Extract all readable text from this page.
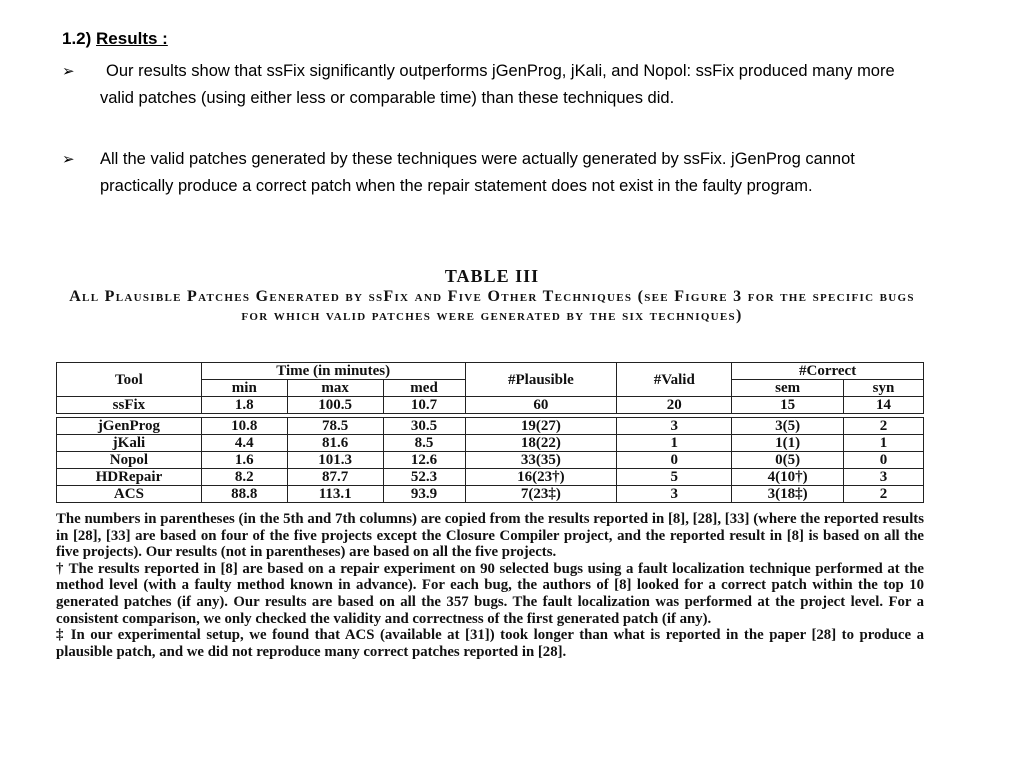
1.2) Results :
➢	Our results show that ssFix significantly outperforms jGenProg, jKali, and Nopol: ssFix produced many more valid patches (using either less or comparable time) than these techniques did.
➢	All the valid patches generated by these techniques were actually generated by ssFix. jGenProg cannot practically produce a correct patch when the repair statement does not exist in the faulty program.
TABLE III
All Plausible Patches Generated by ssFix and Five Other Techniques (see Figure 3 for the specific bugs for which valid patches were generated by the six techniques)
Tool	Time (in minutes)			#Plausible	#Valid	#Correct	
	min	max	med			sem	syn
ssFix	1.8	100.5	10.7	60	20	15	14

jGenProg	10.8	78.5	30.5	19(27)	3	3(5)	2
jKali	4.4	81.6	8.5	18(22)	1	1(1)	1
Nopol	1.6	101.3	12.6	33(35)	0	0(5)	0
HDRepair	8.2	87.7	52.3	16(23†)	5	4(10†)	3
ACS	88.8	113.1	93.9	7(23‡)	3	3(18‡)	2

The numbers in parentheses (in the 5th and 7th columns) are copied from the results reported in [8], [28], [33] (where the reported results in [28], [33] are based on four of the five projects except the Closure Compiler project, and the reported result in [8] is based on all the five projects). Our results (not in parentheses) are based on all the five projects.

† The results reported in [8] are based on a repair experiment on 90 selected bugs using a fault localization technique performed at the method level (with a faulty method known in advance). For each bug, the authors of [8] looked for a correct patch within the top 10 generated patches (if any). Our results are based on all the 357 bugs. The fault localization was performed at the project level. For a consistent comparison, we only checked the validity and correctness of the first generated patch (if any).

‡ In our experimental setup, we found that ACS (available at [31]) took longer than what is reported in the paper [28] to produce a plausible patch, and we did not reproduce many correct patches reported in [28].
